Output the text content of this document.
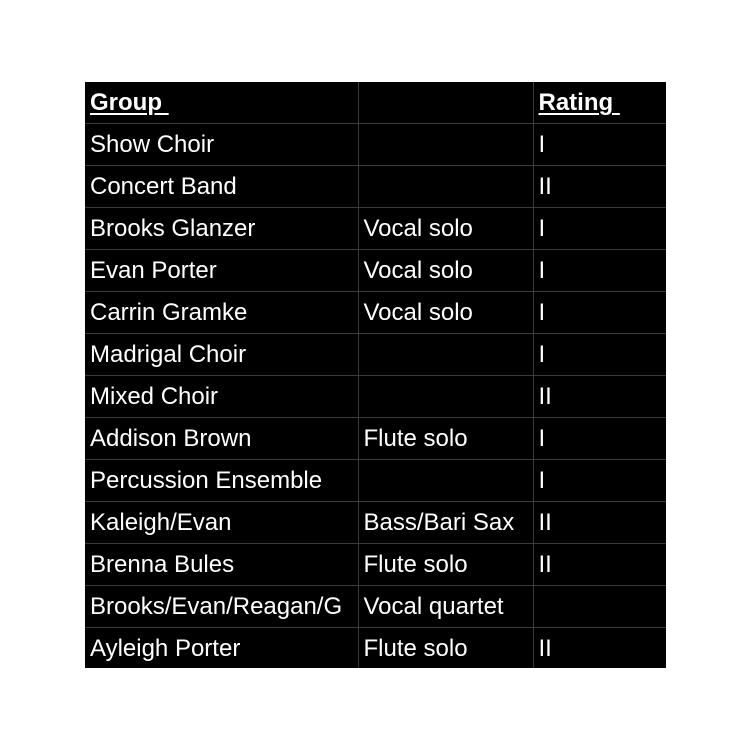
Group		Rating
Show Choir		I
Concert Band		II
Brooks Glanzer	Vocal solo	I
Evan Porter	Vocal solo	I
Carrin Gramke	Vocal solo	I
Madrigal Choir		I
Mixed Choir		II
Addison Brown	Flute solo	I
Percussion Ensemble		I
Kaleigh/Evan	Bass/Bari Sax	II
Brenna Bules	Flute solo	II
Brooks/Evan/Reagan/G	Vocal quartet	
Ayleigh Porter	Flute solo	II
